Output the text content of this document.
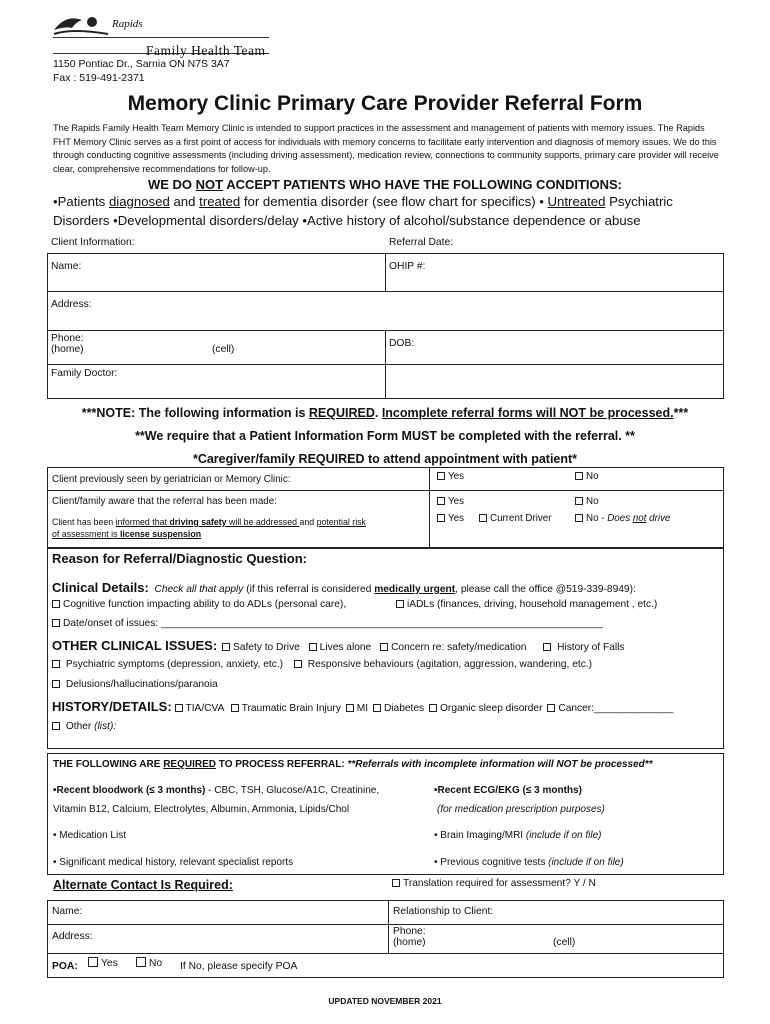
Rapids
Family Health Team
1150 Pontiac Dr., Sarnia ON N7S 3A7
Fax : 519-491-2371
Memory Clinic Primary Care Provider Referral Form
The Rapids Family Health Team Memory Clinic is intended to support practices in the assessment and management of patients with memory issues. The Rapids FHT Memory Clinic serves as a first point of access for individuals with memory concerns to facilitate early intervention and diagnosis of memory issues. We do this through conducting cognitive assessments (including driving assessment), medication review, connections to community supports, primary care provider will receive clear, comprehensive recommendations for follow-up.
WE DO NOT ACCEPT PATIENTS WHO HAVE THE FOLLOWING CONDITIONS:
•Patients diagnosed and treated for dementia disorder (see flow chart for specifics) • Untreated Psychiatric
Disorders •Developmental disorders/delay •Active history of alcohol/substance dependence or abuse
Client Information:	Referral Date:
Name:	OHIP #:
Address:
Phone:
(home)	(cell)
DOB:
Family Doctor:
***NOTE: The following information is REQUIRED. Incomplete referral forms will NOT be processed.***
**We require that a Patient Information Form MUST be completed with the referral. **
*Caregiver/family REQUIRED to attend appointment with patient*
Client previously seen by geriatrician or Memory Clinic:	Yes	No
Client/family aware that the referral has been made:	Yes	No
Client has been informed that driving safety will be addressed and potential risk
of assessment is license suspension
Yes	Current Driver	No - Does not drive
Reason for Referral/Diagnostic Question:
Clinical Details: Check all that apply (if this referral is considered medically urgent, please call the office @519-339-8949):
Cognitive function impacting ability to do ADLs (personal care),	iADLs (finances, driving, household management , etc.)
Date/onset of issues: ______________________________________________________________________________
OTHER CLINICAL ISSUES: Safety to Drive Lives alone Concern re: safety/medication	History of Falls
Psychiatric symptoms (depression, anxiety, etc.) Responsive behaviours (agitation, aggression, wandering, etc.)
Delusions/hallucinations/paranoia
HISTORY/DETAILS: TIA/CVA Traumatic Brain Injury MI Diabetes Organic sleep disorder Cancer:______________
Other (list):
THE FOLLOWING ARE REQUIRED TO PROCESS REFERRAL: **Referrals with incomplete information will NOT be processed**
•Recent bloodwork (≤ 3 months) - CBC, TSH, Glucose/A1C, Creatinine,
Vitamin B12, Calcium, Electrolytes, Albumin, Ammonia, Lipids/Chol
•Recent ECG/EKG (≤ 3 months)
(for medication prescription purposes)
• Medication List	• Brain Imaging/MRI (include if on file)
• Significant medical history, relevant specialist reports	• Previous cognitive tests (include if on file)
Alternate Contact Is Required:	Translation required for assessment? Y / N
Name:	Relationship to Client:
Address:	Phone:
(home)	(cell)
POA:	Yes	No If No, please specify POA
UPDATED NOVEMBER 2021
